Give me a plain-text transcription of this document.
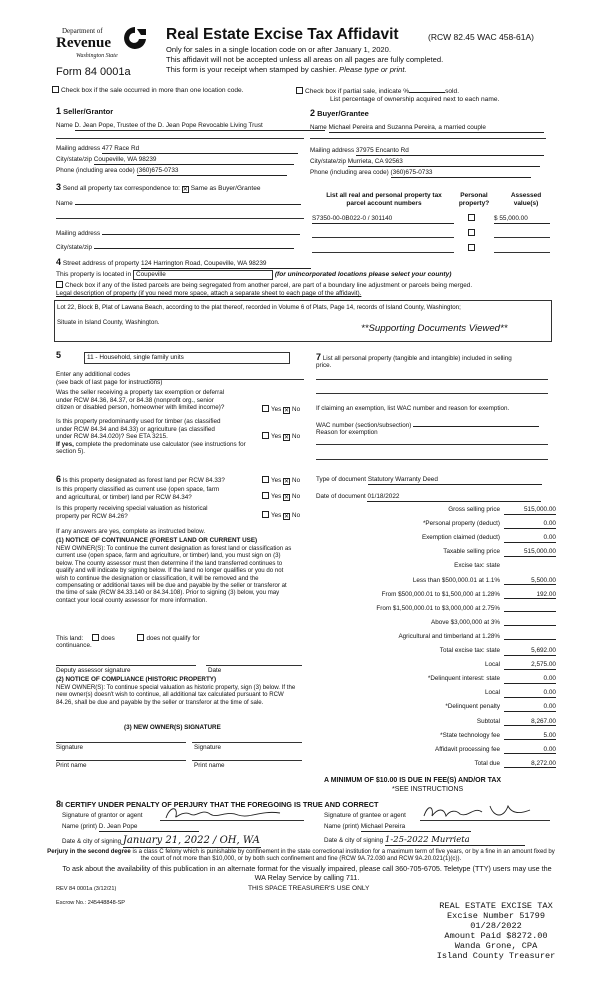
Department of
Revenue
Washington State
Form 84 0001a
Real Estate Excise Tax Affidavit	(RCW 82.45 WAC 458-61A)
Only for sales in a single location code on or after January 1, 2020.
This affidavit will not be accepted unless all areas on all pages are fully completed.
This form is your receipt when stamped by cashier. Please type or print.
Check box if the sale occurred in more than one location code.	Check box if partial sale, indicate %	sold.
List percentage of ownership acquired next to each name.
1 Seller/Grantor
Name D. Jean Pope, Trustee of the D. Jean Pope Revocable Living Trust
Mailing address 477 Race Rd
City/state/zip Coupeville, WA 98239
Phone (including area code) (360)675-0733
2 Buyer/Grantee
Name Michael Pereira and Suzanna Pereira, a married couple
Mailing address 37975 Encanto Rd
City/state/zip Murrieta, CA 92563
Phone (including area code) (360)675-0733
3 Send all property tax correspondence to: ✕ Same as Buyer/Grantee
Name
Mailing address
City/state/zip
List all real and personal property tax
parcel account numbers
Personal
property?
Assessed
value(s)
S7350-00-0B022-0 / 301140	$ 55,000.00
4 Street address of property 124 Harrington Road, Coupeville, WA 98239
This property is located in Coupeville	(for unincorporated locations please select your county)
Check box if any of the listed parcels are being segregated from another parcel, are part of a boundary line adjustment or parcels being merged.
Legal description of property (if you need more space, attach a separate sheet to each page of the affidavit).
Lot 22, Block B, Plat of Lawana Beach, according to the plat thereof, recorded in Volume 6 of Plats, Page 14, records of Island County, Washington;
Situate in Island County, Washington.
**Supporting Documents Viewed**
5	11 - Household, single family units
Enter any additional codes
(see back of last page for instructions)
Was the seller receiving a property tax exemption or deferral
under RCW 84.36, 84.37, or 84.38 (nonprofit org., senior
citizen or disabled person, homeowner with limited income)?	Yes ✕ No
Is this property predominantly used for timber (as classified
under RCW 84.34 and 84.33) or agriculture (as classified
under RCW 84.34.020)? See ETA 3215.
If yes, complete the predominate use calculator (see instructions for
section 5).
Yes ✕ No
6 Is this property designated as forest land per RCW 84.33?	Yes ✕ No
Is this property classified as current use (open space, farm
and agricultural, or timber) land per RCW 84.34?	Yes ✕ No
Is this property receiving special valuation as historical
property per RCW 84.26?	Yes ✕ No
If any answers are yes, complete as instructed below.
(1) NOTICE OF CONTINUANCE (FOREST LAND OR CURRENT USE)
NEW OWNER(S): To continue the current designation as forest land or classification as current use (open space, farm and agriculture, or timber) land, you must sign on (3) below. The county assessor must then determine if the land transferred continues to qualify and will indicate by signing below. If the land no longer qualifies or you do not wish to continue the designation or classification, it will be removed and the compensating or additional taxes will be due and payable by the seller or transferor at the time of sale (RCW 84.33.140 or 84.34.108). Prior to signing (3) below, you may contact your local county assessor for more information.
This land:	does	does not qualify for
continuance.
Deputy assessor signature	Date
(2) NOTICE OF COMPLIANCE (HISTORIC PROPERTY)
NEW OWNER(S): To continue special valuation as historic property, sign (3) below. If the new owner(s) doesn't wish to continue, all additional tax calculated pursuant to RCW 84.26, shall be due and payable by the seller or transferor at the time of sale.
(3) NEW OWNER(S) SIGNATURE
Signature	Signature
Print name	Print name
7 List all personal property (tangible and intangible) included in selling
price.
If claiming an exemption, list WAC number and reason for exemption.
WAC number (section/subsection)
Reason for exemption
Type of document Statutory Warranty Deed
Date of document 01/18/2022
Gross selling price	515,000.00
*Personal property (deduct)	0.00
Exemption claimed (deduct)	0.00
Taxable selling price	515,000.00
Excise tax: state
Less than $500,000.01 at 1.1%	5,500.00
From $500,000.01 to $1,500,000 at 1.28%	192.00
From $1,500,000.01 to $3,000,000 at 2.75%
Above $3,000,000 at 3%
Agricultural and timberland at 1.28%
Total excise tax: state	5,692.00
Local	2,575.00
*Delinquent interest: state	0.00
Local	0.00
*Delinquent penalty	0.00
Subtotal	8,267.00
*State technology fee	5.00
Affidavit processing fee	0.00
Total due	8,272.00
A MINIMUM OF $10.00 IS DUE IN FEE(S) AND/OR TAX
*SEE INSTRUCTIONS
8I CERTIFY UNDER PENALTY OF PERJURY THAT THE FOREGOING IS TRUE AND CORRECT
Signature of grantor or agent
Name (print) D. Jean Pope
Date & city of signing January 21, 2022 / OH, WA
Signature of grantee or agent
Name (print) Michael Pereira
Date & city of signing 1-25-2022 Murrieta
Perjury in the second degree is a class C felony which is punishable by confinement in the state correctional institution for a maximum term of five years, or by a fine in an amount fixed by the court of not more than $10,000, or by both such confinement and fine (RCW 9A.72.030 and RCW 9A.20.021(1)(c)).
To ask about the availability of this publication in an alternate format for the visually impaired, please call 360-705-6705. Teletype (TTY) users may use the WA Relay Service by calling 711.
REV 84 0001a (3/12/21)	THIS SPACE TREASURER'S USE ONLY
Escrow No.: 245448848-SP	REAL ESTATE EXCISE TAX
Excise Number 51799
01/28/2022
Amount Paid $8272.00
Wanda Grone, CPA
Island County Treasurer
